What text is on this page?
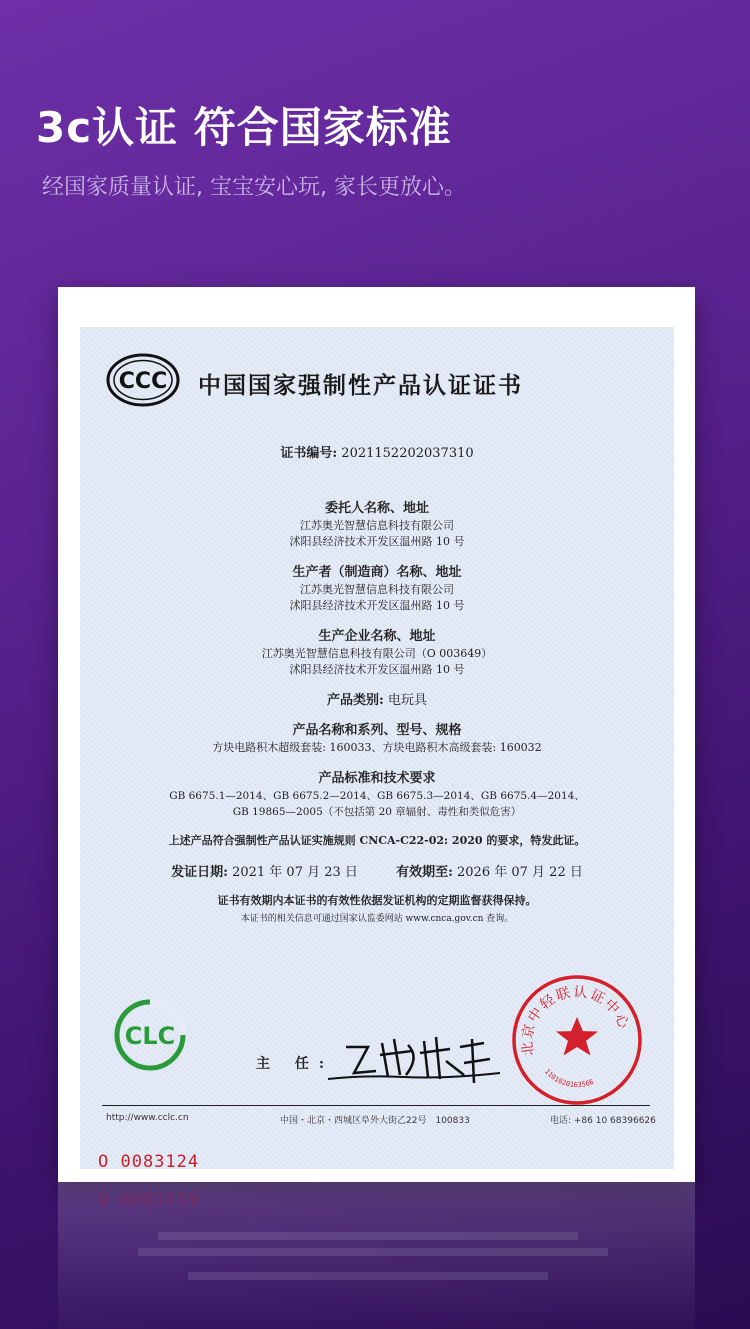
3c认证 符合国家标准

经国家质量认证, 宝宝安心玩, 家长更放心。

CCC 中国国家强制性产品认证证书
证书编号: 2021152202037310
委托人名称、地址
江苏奥光智慧信息科技有限公司
沭阳县经济技术开发区温州路 10 号
生产者（制造商）名称、地址
江苏奥光智慧信息科技有限公司
沭阳县经济技术开发区温州路 10 号
生产企业名称、地址
江苏奥光智慧信息科技有限公司（O 003649）
沭阳县经济技术开发区温州路 10 号
产品类别: 电玩具
产品名称和系列、型号、规格
方块电路积木超级套装: 160033、方块电路积木高级套装: 160032
产品标准和技术要求
GB 6675.1—2014、GB 6675.2—2014、GB 6675.3—2014、GB 6675.4—2014、
GB 19865—2005（不包括第 20 章辐射、毒性和类似危害）
上述产品符合强制性产品认证实施规则 CNCA-C22-02: 2020 的要求，特发此证。
发证日期: 2021 年 07 月 23 日	有效期至: 2026 年 07 月 22 日
证书有效期内本证书的有效性依据发证机构的定期监督获得保持。
本证书的相关信息可通过国家认监委网站 www.cnca.gov.cn 查询。
CLC
主 任:
北京中轻联认证中心
1101020163566
http://www.cclc.cn	中国・北京・西城区阜外大街乙22号　100833	电话: +86 10 68396626
O 0083124
O 0083124
